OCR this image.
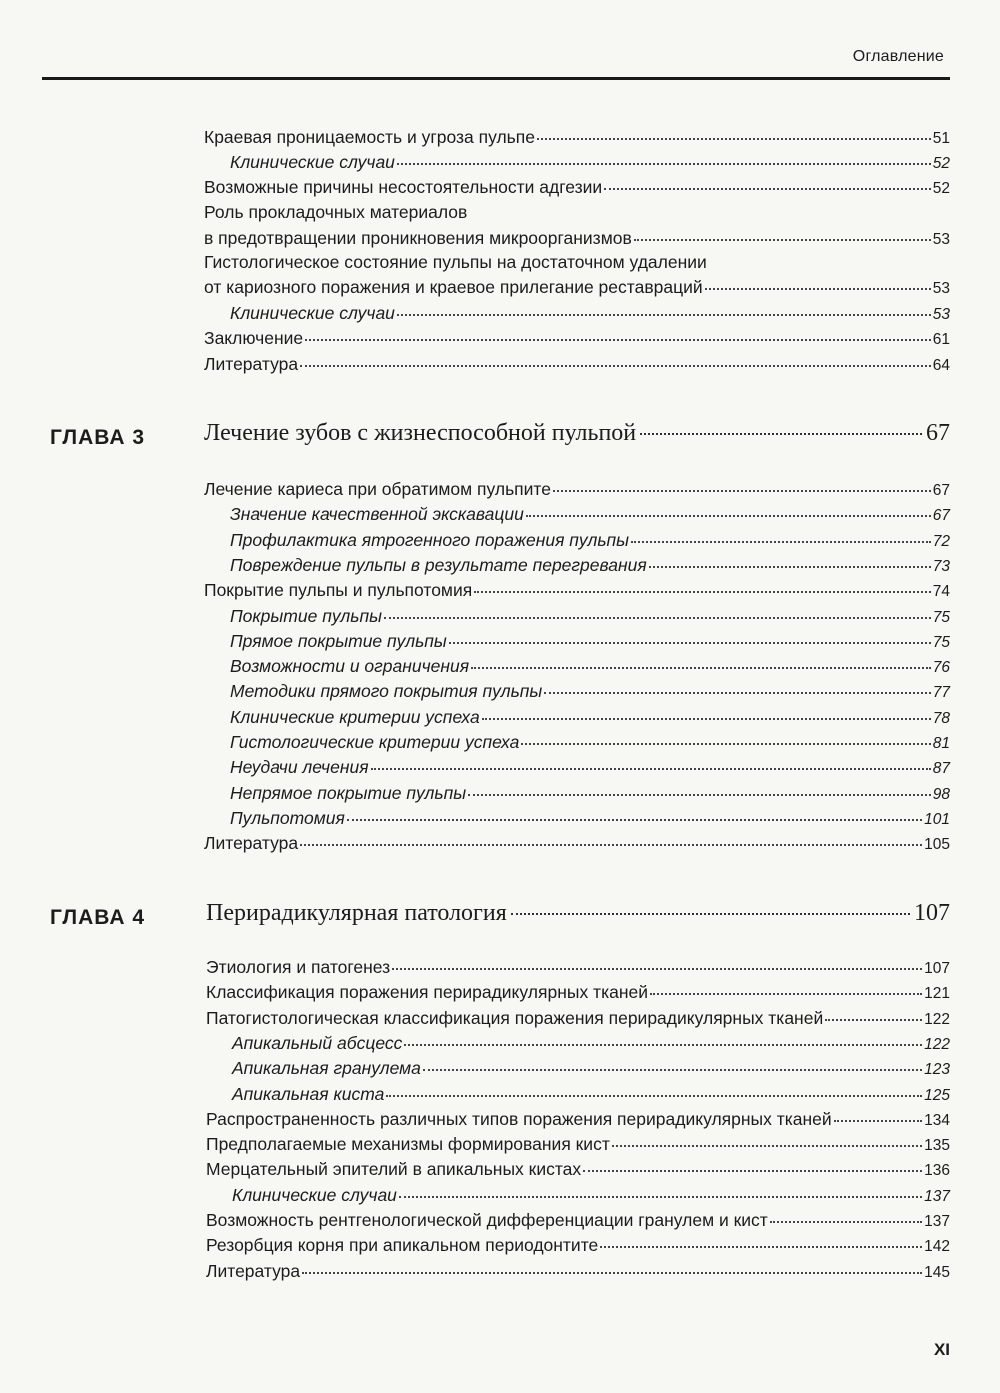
Оглавление
Краевая проницаемость и угроза пульпе	51
Клинические случаи	52
Возможные причины несостоятельности адгезии	52
Роль прокладочных материалов
в предотвращении проникновения микроорганизмов	53
Гистологическое состояние пульпы на достаточном удалении
от кариозного поражения и краевое прилегание реставраций	53
Клинические случаи	53
Заключение	61
Литература	64
ГЛАВА 3 Лечение зубов с жизнеспособной пульпой	67
Лечение кариеса при обратимом пульпите	67
Значение качественной экскавации	67
Профилактика ятрогенного поражения пульпы	72
Повреждение пульпы в результате перегревания	73
Покрытие пульпы и пульпотомия	74
Покрытие пульпы	75
Прямое покрытие пульпы	75
Возможности и ограничения	76
Методики прямого покрытия пульпы	77
Клинические критерии успеха	78
Гистологические критерии успеха	81
Неудачи лечения	87
Непрямое покрытие пульпы	98
Пульпотомия	101
Литература	105
ГЛАВА 4	Перирадикулярная патология	107
Этиология и патогенез	107
Классификация поражения перирадикулярных тканей	121
Патогистологическая классификация поражения перирадикулярных тканей	122
Апикальный абсцесс	122
Апикальная гранулема	123
Апикальная киста	125
Распространенность различных типов поражения перирадикулярных тканей	134
Предполагаемые механизмы формирования кист	135
Мерцательный эпителий в апикальных кистах	136
Клинические случаи	137
Возможность рентгенологической дифференциации гранулем и кист	137
Резорбция корня при апикальном периодонтите	142
Литература	145
XI
